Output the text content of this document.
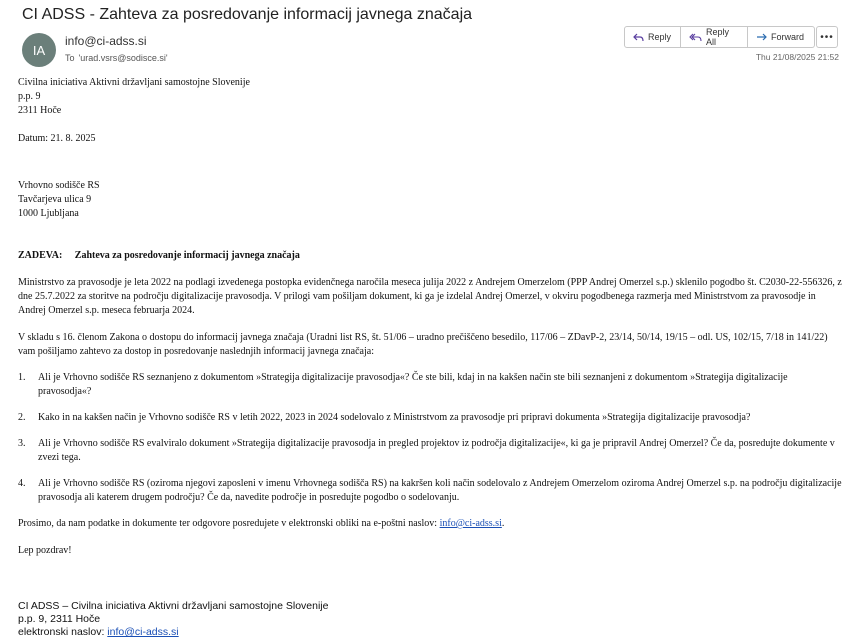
CI ADSS - Zahteva za posredovanje informacij javnega značaja
IA
info@ci-adss.si
To 'urad.vsrs@sodisce.si'
Reply	Reply All	Forward	•••
Thu 21/08/2025 21:52

Civilna iniciativa Aktivni državljani samostojne Slovenije

p.p. 9

2311 Hoče

Datum: 21. 8. 2025

Vrhovno sodišče RS

Tavčarjeva ulica 9

1000 Ljubljana

ZADEVA: Zahteva za posredovanje informacij javnega značaja

Ministrstvo za pravosodje je leta 2022 na podlagi izvedenega postopka evidenčnega naročila meseca julija 2022 z Andrejem Omerzelom (PPP Andrej Omerzel s.p.) sklenilo pogodbo št. C2030-22-556326, z dne 25.7.2022 za storitve na področju digitalizacije pravosodja. V prilogi vam pošiljam dokument, ki ga je izdelal Andrej Omerzel, v okviru pogodbenega razmerja med Ministrstvom za pravosodje in Andrej Omerzel s.p. meseca februarja 2024.

V skladu s 16. členom Zakona o dostopu do informacij javnega značaja (Uradni list RS, št. 51/06 – uradno prečiščeno besedilo, 117/06 – ZDavP-2, 23/14, 50/14, 19/15 – odl. US, 102/15, 7/18 in 141/22) vam pošiljamo zahtevo za dostop in posredovanje naslednjih informacij javnega značaja:

1.	Ali je Vrhovno sodišče RS seznanjeno z dokumentom »Strategija digitalizacije pravosodja«? Če ste bili, kdaj in na kakšen način ste bili seznanjeni z dokumentom »Strategija digitalizacije pravosodja«?
2.	Kako in na kakšen način je Vrhovno sodišče RS v letih 2022, 2023 in 2024 sodelovalo z Ministrstvom za pravosodje pri pripravi dokumenta »Strategija digitalizacije pravosodja?
3.	Ali je Vrhovno sodišče RS evalviralo dokument »Strategija digitalizacije pravosodja in pregled projektov iz področja digitalizacije«, ki ga je pripravil Andrej Omerzel? Če da, posredujte dokumente v zvezi tega.
4.	Ali je Vrhovno sodišče RS (oziroma njegovi zaposleni v imenu Vrhovnega sodišča RS) na kakršen koli način sodelovalo z Andrejem Omerzelom oziroma Andrej Omerzel s.p. na področju digitalizacije pravosodja ali katerem drugem področju? Če da, navedite področje in posredujte pogodbo o sodelovanju.

Prosimo, da nam podatke in dokumente ter odgovore posredujete v elektronski obliki na e-poštni naslov: info@ci-adss.si.

Lep pozdrav!

CI ADSS – Civilna iniciativa Aktivni državljani samostojne Slovenije

p.p. 9, 2311 Hoče

elektronski naslov: info@ci-adss.si
